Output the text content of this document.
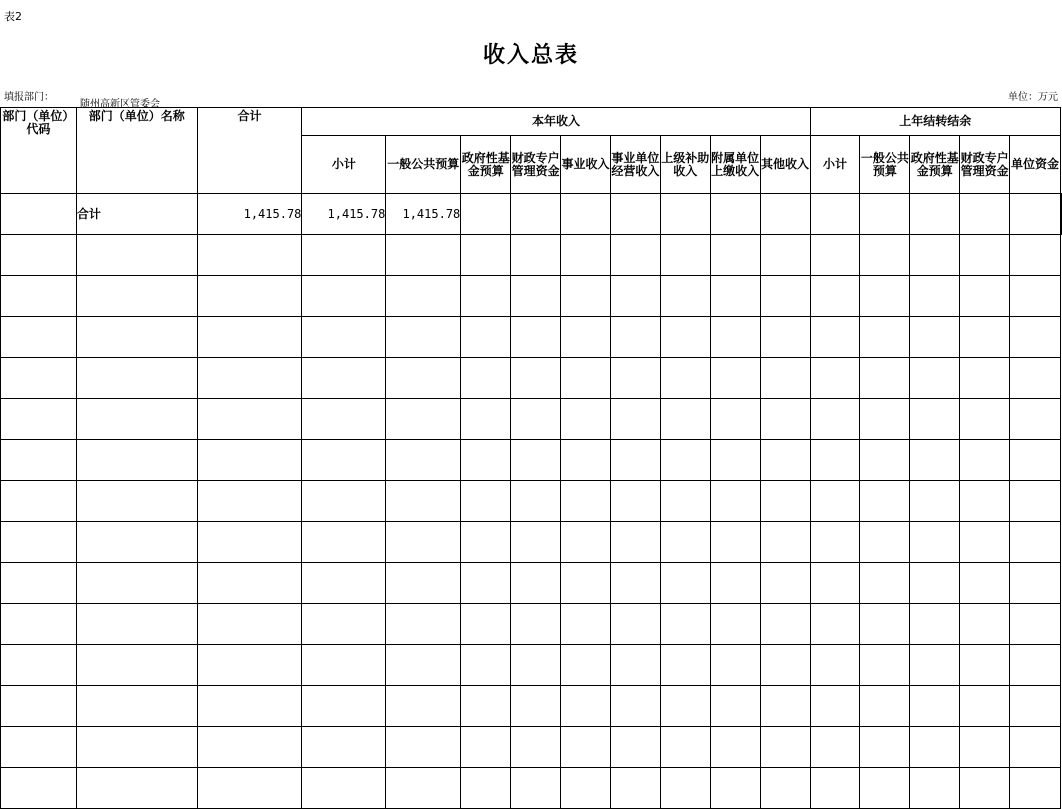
表2
收入总表
填报部门：
随州高新区管委会
单位：万元
部门（单位）代码	部门（单位）名称	合计	本年收入									上年结转结余					
			小计	一般公共预算	政府性基金预算	财政专户管理资金	事业收入	事业单位经营收入	上级补助收入	附属单位上缴收入	其他收入	小计	一般公共预算	政府性基金预算	财政专户管理资金	单位资金	
	合计	1,415.78	1,415.78	1,415.78													
